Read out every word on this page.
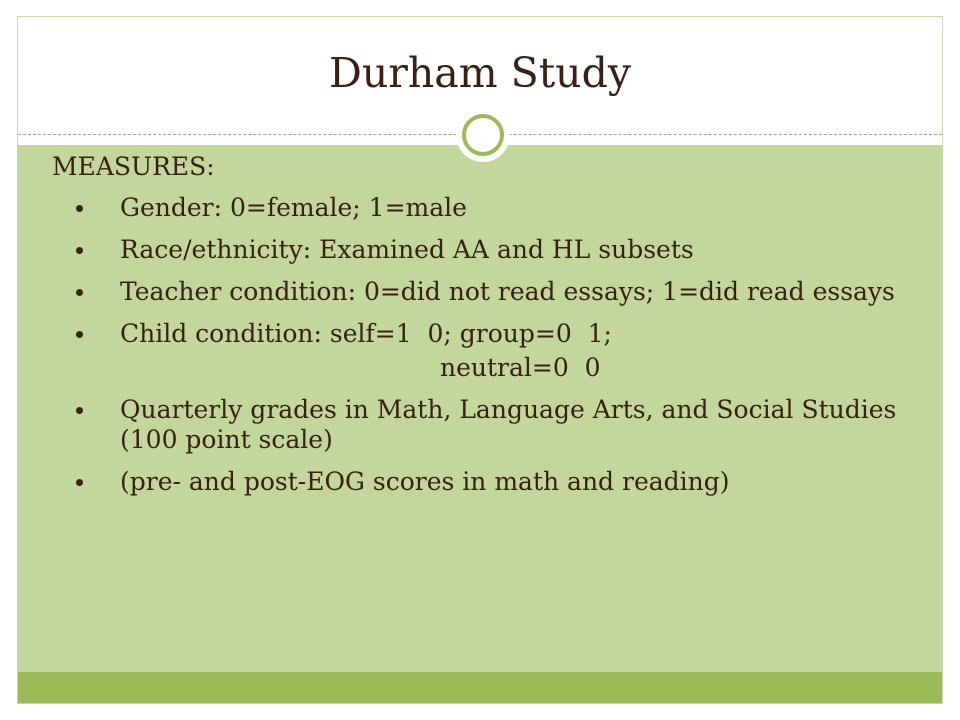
Durham Study

MEASURES:

Gender: 0=female; 1=male
Race/ethnicity: Examined AA and HL subsets
Teacher condition: 0=did not read essays; 1=did read essays
Child condition: self=1  0; group=0  1;
neutral=0  0
Quarterly grades in Math, Language Arts, and Social Studies (100 point scale)
(pre- and post-EOG scores in math and reading)
